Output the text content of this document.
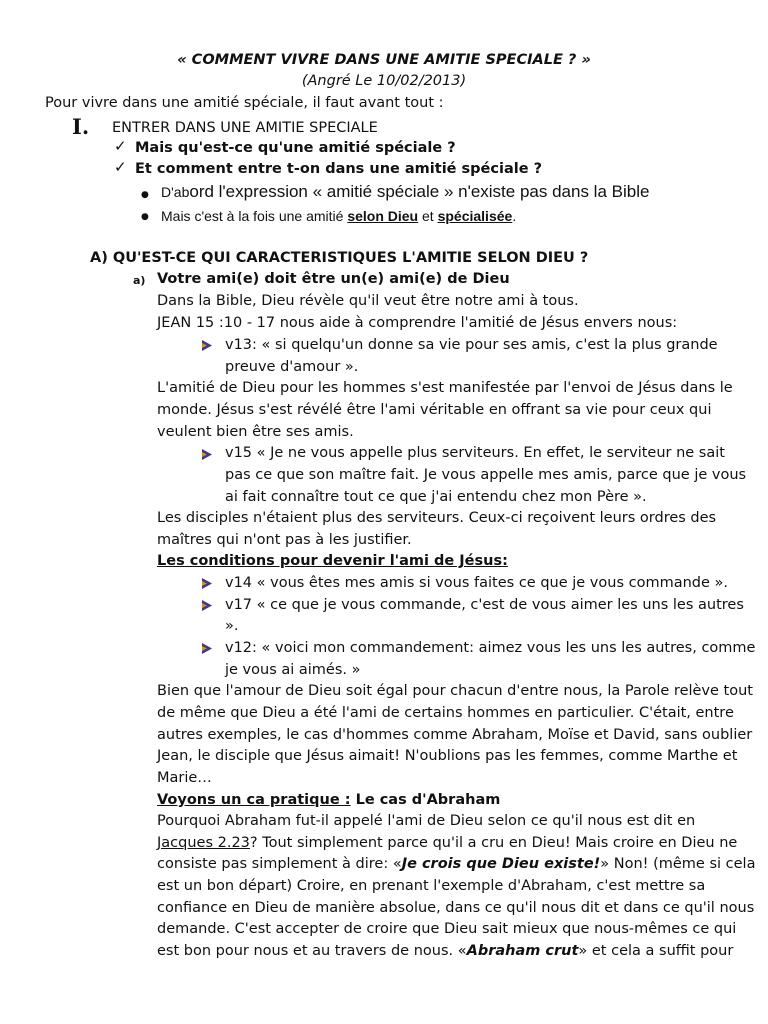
« COMMENT VIVRE DANS UNE AMITIE SPECIALE ? »
(Angré Le 10/02/2013)
Pour vivre dans une amitié spéciale, il faut avant tout :
I. ENTRER DANS UNE AMITIE SPECIALE
✓ Mais qu'est-ce qu'une amitié spéciale ?
✓ Et comment entre t-on dans une amitié spéciale ?
● D'abord l'expression « amitié spéciale » n'existe pas dans la Bible
● Mais c'est à la fois une amitié selon Dieu et spécialisée.
A) QU'EST-CE QUI CARACTERISTIQUES L'AMITIE SELON DIEU ?
a) Votre ami(e) doit être un(e) ami(e) de Dieu
Dans la Bible, Dieu révèle qu'il veut être notre ami à tous.
JEAN 15 :10 - 17 nous aide à comprendre l'amitié de Jésus envers nous:
v13: « si quelqu'un donne sa vie pour ses amis, c'est la plus grande
preuve d'amour ».
L'amitié de Dieu pour les hommes s'est manifestée par l'envoi de Jésus dans le
monde. Jésus s'est révélé être l'ami véritable en offrant sa vie pour ceux qui
veulent bien être ses amis.
v15 « Je ne vous appelle plus serviteurs. En effet, le serviteur ne sait
pas ce que son maître fait. Je vous appelle mes amis, parce que je vous
ai fait connaître tout ce que j'ai entendu chez mon Père ».
Les disciples n'étaient plus des serviteurs. Ceux-ci reçoivent leurs ordres des
maîtres qui n'ont pas à les justifier.
Les conditions pour devenir l'ami de Jésus:
v14 « vous êtes mes amis si vous faites ce que je vous commande ».
v17 « ce que je vous commande, c'est de vous aimer les uns les autres
».
v12: « voici mon commandement: aimez vous les uns les autres, comme
je vous ai aimés. »
Bien que l'amour de Dieu soit égal pour chacun d'entre nous, la Parole relève tout
de même que Dieu a été l'ami de certains hommes en particulier. C'était, entre
autres exemples, le cas d'hommes comme Abraham, Moïse et David, sans oublier
Jean, le disciple que Jésus aimait! N'oublions pas les femmes, comme Marthe et
Marie…
Voyons un ca pratique : Le cas d'Abraham
Pourquoi Abraham fut-il appelé l'ami de Dieu selon ce qu'il nous est dit en
Jacques 2.23? Tout simplement parce qu'il a cru en Dieu! Mais croire en Dieu ne
consiste pas simplement à dire: «Je crois que Dieu existe!» Non! (même si cela
est un bon départ) Croire, en prenant l'exemple d'Abraham, c'est mettre sa
confiance en Dieu de manière absolue, dans ce qu'il nous dit et dans ce qu'il nous
demande. C'est accepter de croire que Dieu sait mieux que nous-mêmes ce qui
est bon pour nous et au travers de nous. «Abraham crut» et cela a suffit pour
